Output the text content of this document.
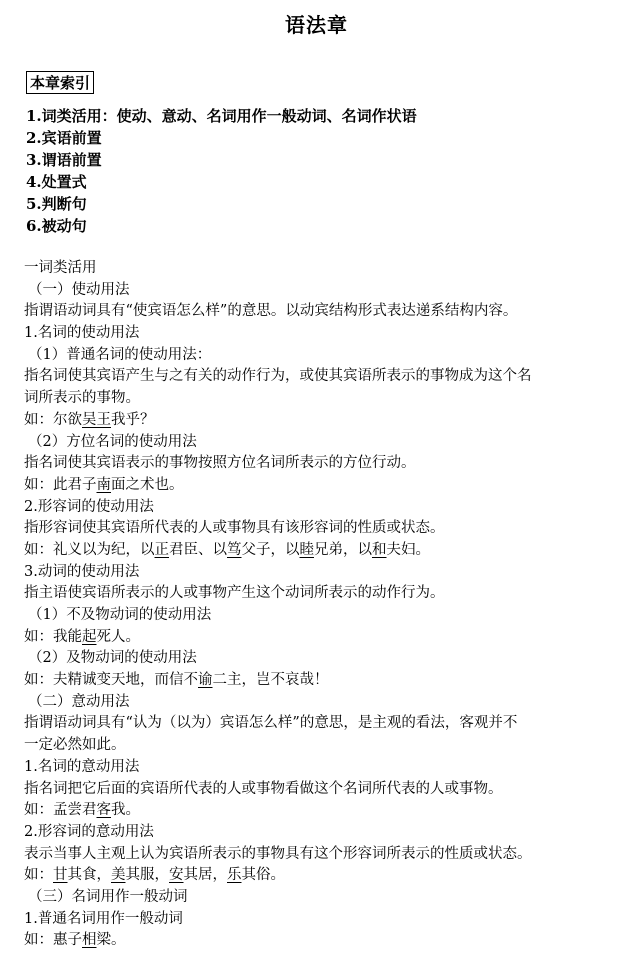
语法章
本章索引
1.词类活用：使动、意动、名词用作一般动词、名词作状语
2.宾语前置
3.谓语前置
4.处置式
5.判断句
6.被动句
一词类活用
（一）使动用法
指谓语动词具有“使宾语怎么样”的意思。以动宾结构形式表达递系结构内容。
1.名词的使动用法
（1）普通名词的使动用法：
指名词使其宾语产生与之有关的动作行为，或使其宾语所表示的事物成为这个名
词所表示的事物。
如：尔欲吴王我乎？
（2）方位名词的使动用法
指名词使其宾语表示的事物按照方位名词所表示的方位行动。
如：此君子南面之术也。
2.形容词的使动用法
指形容词使其宾语所代表的人或事物具有该形容词的性质或状态。
如：礼义以为纪，以正君臣、以笃父子，以睦兄弟，以和夫妇。
3.动词的使动用法
指主语使宾语所表示的人或事物产生这个动词所表示的动作行为。
（1）不及物动词的使动用法
如：我能起死人。
（2）及物动词的使动用法
如：夫精诚变天地，而信不谕二主，岂不哀哉！
（二）意动用法
指谓语动词具有“认为（以为）宾语怎么样”的意思，是主观的看法，客观并不
一定必然如此。
1.名词的意动用法
指名词把它后面的宾语所代表的人或事物看做这个名词所代表的人或事物。
如：孟尝君客我。
2.形容词的意动用法
表示当事人主观上认为宾语所表示的事物具有这个形容词所表示的性质或状态。
如：甘其食，美其服，安其居，乐其俗。
（三）名词用作一般动词
1.普通名词用作一般动词
如：惠子相梁。
